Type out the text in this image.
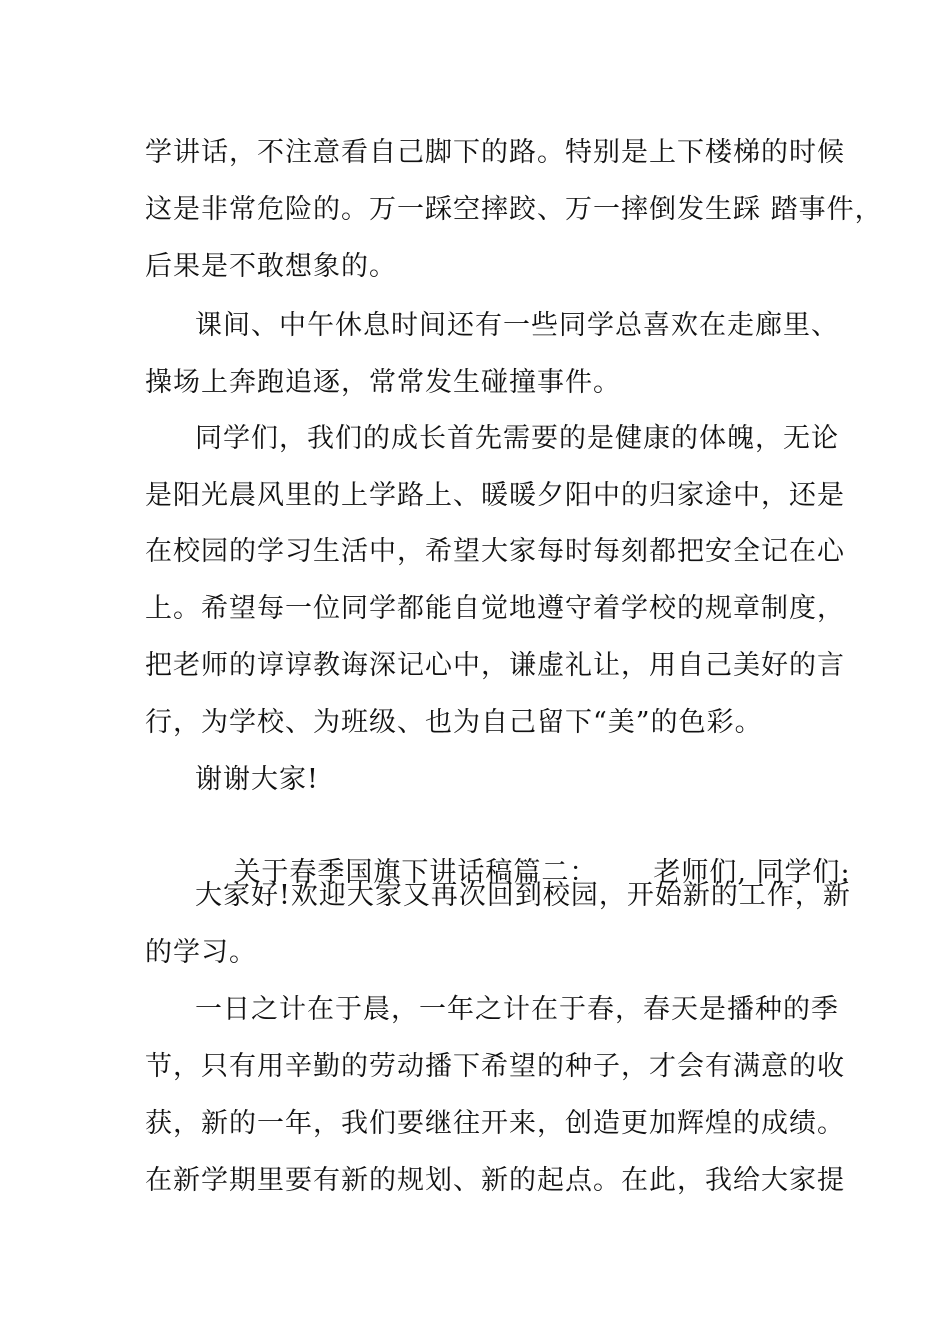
学讲话，不注意看自己脚下的路。特别是上下楼梯的时候
这是非常危险的。万一踩空摔跤、万一摔倒发生踩 踏事件，
后果是不敢想象的。
课间、中午休息时间还有一些同学总喜欢在走廊里、
操场上奔跑追逐，常常发生碰撞事件。
同学们，我们的成长首先需要的是健康的体魄，无论
是阳光晨风里的上学路上、暖暖夕阳中的归家途中，还是
在校园的学习生活中，希望大家每时每刻都把安全记在心
上。希望每一位同学都能自觉地遵守着学校的规章制度，
把老师的谆谆教诲深记心中，谦虚礼让，用自己美好的言
行，为学校、为班级、也为自己留下“美”的色彩。
谢谢大家!

关于春季国旗下讲话稿篇二： 老师们, 同学们:

大家好!欢迎大家又再次回到校园，开始新的工作，新
的学习。
一日之计在于晨，一年之计在于春，春天是播种的季
节，只有用辛勤的劳动播下希望的种子，才会有满意的收
获，新的一年，我们要继往开来，创造更加辉煌的成绩。
在新学期里要有新的规划、新的起点。在此，我给大家提
